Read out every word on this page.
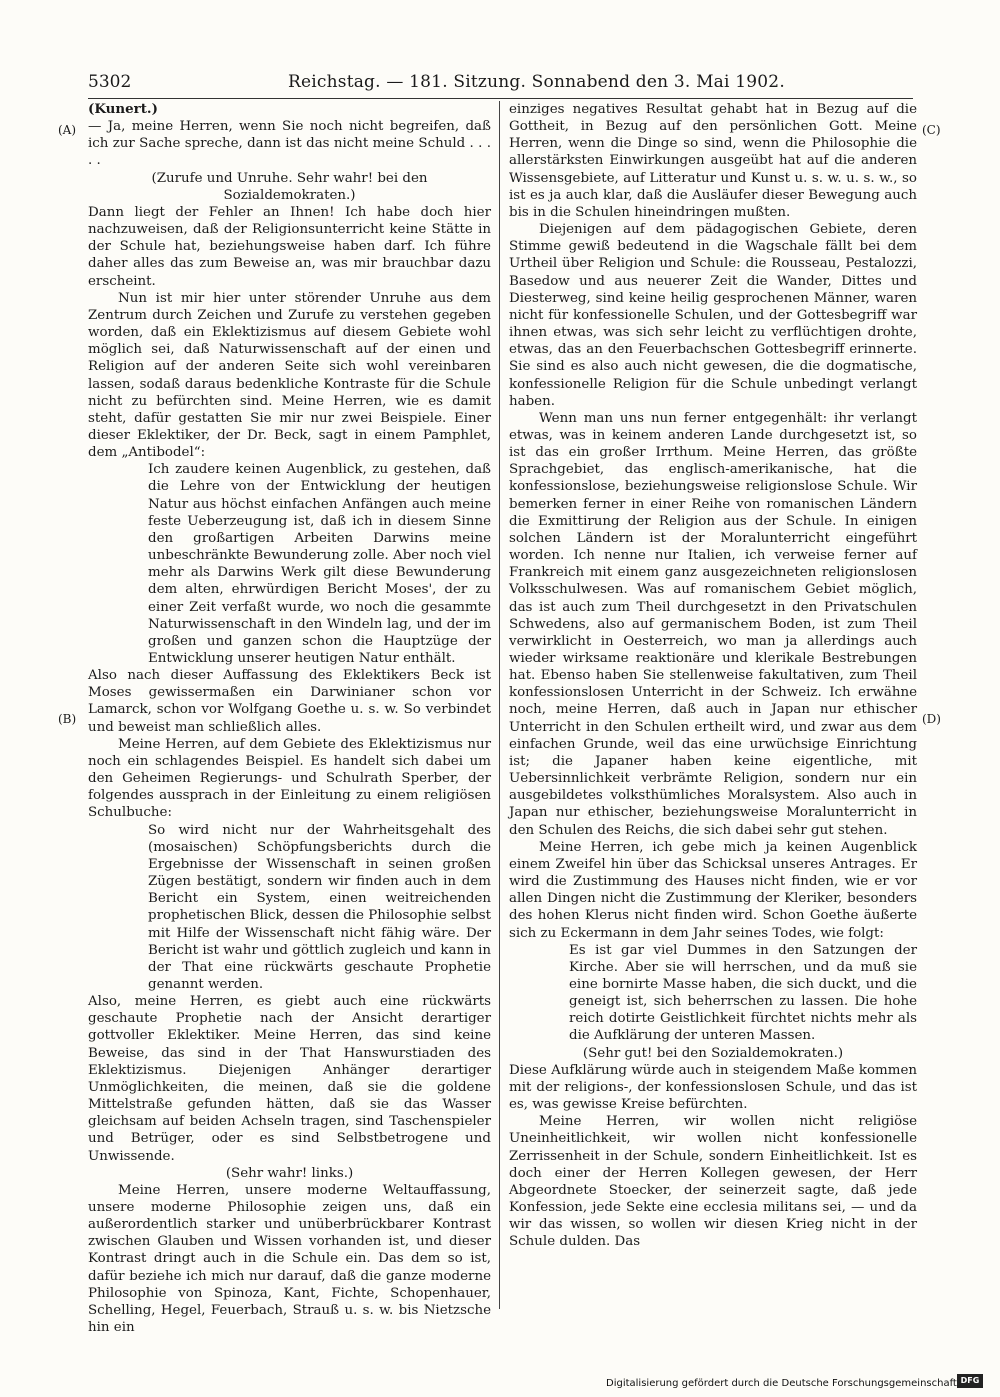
5302	Reichstag. — 181. Sitzung. Sonnabend den 3. Mai 1902.
(A)
(B)
(C)
(D)

(Kunert.)

— Ja, meine Herren, wenn Sie noch nicht begreifen, daß ich zur Sache spreche, dann ist das nicht meine Schuld . . . . .

(Zurufe und Unruhe. Sehr wahr! bei den Sozialdemokraten.)

Dann liegt der Fehler an Ihnen! Ich habe doch hier nachzuweisen, daß der Religionsunterricht keine Stätte in der Schule hat, beziehungsweise haben darf. Ich führe daher alles das zum Beweise an, was mir brauchbar dazu erscheint.

Nun ist mir hier unter störender Unruhe aus dem Zentrum durch Zeichen und Zurufe zu verstehen gegeben worden, daß ein Eklektizismus auf diesem Gebiete wohl möglich sei, daß Naturwissenschaft auf der einen und Religion auf der anderen Seite sich wohl vereinbaren lassen, sodaß daraus bedenkliche Kontraste für die Schule nicht zu befürchten sind. Meine Herren, wie es damit steht, dafür gestatten Sie mir nur zwei Beispiele. Einer dieser Eklektiker, der Dr. Beck, sagt in einem Pamphlet, dem „Antibodel“:

Ich zaudere keinen Augenblick, zu gestehen, daß die Lehre von der Entwicklung der heutigen Natur aus höchst einfachen Anfängen auch meine feste Ueberzeugung ist, daß ich in diesem Sinne den großartigen Arbeiten Darwins meine unbeschränkte Bewunderung zolle. Aber noch viel mehr als Darwins Werk gilt diese Bewunderung dem alten, ehrwürdigen Bericht Moses', der zu einer Zeit verfaßt wurde, wo noch die gesammte Naturwissenschaft in den Windeln lag, und der im großen und ganzen schon die Hauptzüge der Entwicklung unserer heutigen Natur enthält.

Also nach dieser Auffassung des Eklektikers Beck ist Moses gewissermaßen ein Darwinianer schon vor Lamarck, schon vor Wolfgang Goethe u. s. w. So verbindet und beweist man schließlich alles.

Meine Herren, auf dem Gebiete des Eklektizismus nur noch ein schlagendes Beispiel. Es handelt sich dabei um den Geheimen Regierungs- und Schulrath Sperber, der folgendes aussprach in der Einleitung zu einem religiösen Schulbuche:

So wird nicht nur der Wahrheitsgehalt des (mosaischen) Schöpfungsberichts durch die Ergebnisse der Wissenschaft in seinen großen Zügen bestätigt, sondern wir finden auch in dem Bericht ein System, einen weitreichenden prophetischen Blick, dessen die Philosophie selbst mit Hilfe der Wissenschaft nicht fähig wäre. Der Bericht ist wahr und göttlich zugleich und kann in der That eine rückwärts geschaute Prophetie genannt werden.

Also, meine Herren, es giebt auch eine rückwärts geschaute Prophetie nach der Ansicht derartiger gottvoller Eklektiker. Meine Herren, das sind keine Beweise, das sind in der That Hanswurstiaden des Eklektizismus. Diejenigen Anhänger derartiger Unmöglichkeiten, die meinen, daß sie die goldene Mittelstraße gefunden hätten, daß sie das Wasser gleichsam auf beiden Achseln tragen, sind Taschenspieler und Betrüger, oder es sind Selbstbetrogene und Unwissende.

(Sehr wahr! links.)

Meine Herren, unsere moderne Weltauffassung, unsere moderne Philosophie zeigen uns, daß ein außerordentlich starker und unüberbrückbarer Kontrast zwischen Glauben und Wissen vorhanden ist, und dieser Kontrast dringt auch in die Schule ein. Das dem so ist, dafür beziehe ich mich nur darauf, daß die ganze moderne Philosophie von Spinoza, Kant, Fichte, Schopenhauer, Schelling, Hegel, Feuerbach, Strauß u. s. w. bis Nietzsche hin ein

einziges negatives Resultat gehabt hat in Bezug auf die Gottheit, in Bezug auf den persönlichen Gott. Meine Herren, wenn die Dinge so sind, wenn die Philosophie die allerstärksten Einwirkungen ausgeübt hat auf die anderen Wissensgebiete, auf Litteratur und Kunst u. s. w. u. s. w., so ist es ja auch klar, daß die Ausläufer dieser Bewegung auch bis in die Schulen hineindringen mußten.

Diejenigen auf dem pädagogischen Gebiete, deren Stimme gewiß bedeutend in die Wagschale fällt bei dem Urtheil über Religion und Schule: die Rousseau, Pestalozzi, Basedow und aus neuerer Zeit die Wander, Dittes und Diesterweg, sind keine heilig gesprochenen Männer, waren nicht für konfessionelle Schulen, und der Gottesbegriff war ihnen etwas, was sich sehr leicht zu verflüchtigen drohte, etwas, das an den Feuerbachschen Gottesbegriff erinnerte. Sie sind es also auch nicht gewesen, die die dogmatische, konfessionelle Religion für die Schule unbedingt verlangt haben.

Wenn man uns nun ferner entgegenhält: ihr verlangt etwas, was in keinem anderen Lande durchgesetzt ist, so ist das ein großer Irrthum. Meine Herren, das größte Sprachgebiet, das englisch-amerikanische, hat die konfessionslose, beziehungsweise religionslose Schule. Wir bemerken ferner in einer Reihe von romanischen Ländern die Exmittirung der Religion aus der Schule. In einigen solchen Ländern ist der Moralunterricht eingeführt worden. Ich nenne nur Italien, ich verweise ferner auf Frankreich mit einem ganz ausgezeichneten religionslosen Volksschulwesen. Was auf romanischem Gebiet möglich, das ist auch zum Theil durchgesetzt in den Privatschulen Schwedens, also auf germanischem Boden, ist zum Theil verwirklicht in Oesterreich, wo man ja allerdings auch wieder wirksame reaktionäre und klerikale Bestrebungen hat. Ebenso haben Sie stellenweise fakultativen, zum Theil konfessionslosen Unterricht in der Schweiz. Ich erwähne noch, meine Herren, daß auch in Japan nur ethischer Unterricht in den Schulen ertheilt wird, und zwar aus dem einfachen Grunde, weil das eine urwüchsige Einrichtung ist; die Japaner haben keine eigentliche, mit Uebersinnlichkeit verbrämte Religion, sondern nur ein ausgebildetes volksthümliches Moralsystem. Also auch in Japan nur ethischer, beziehungsweise Moralunterricht in den Schulen des Reichs, die sich dabei sehr gut stehen.

Meine Herren, ich gebe mich ja keinen Augenblick einem Zweifel hin über das Schicksal unseres Antrages. Er wird die Zustimmung des Hauses nicht finden, wie er vor allen Dingen nicht die Zustimmung der Kleriker, besonders des hohen Klerus nicht finden wird. Schon Goethe äußerte sich zu Eckermann in dem Jahr seines Todes, wie folgt:

Es ist gar viel Dummes in den Satzungen der Kirche. Aber sie will herrschen, und da muß sie eine bornirte Masse haben, die sich duckt, und die geneigt ist, sich beherrschen zu lassen. Die hohe reich dotirte Geistlichkeit fürchtet nichts mehr als die Aufklärung der unteren Massen.

(Sehr gut! bei den Sozialdemokraten.)

Diese Aufklärung würde auch in steigendem Maße kommen mit der religions-, der konfessionslosen Schule, und das ist es, was gewisse Kreise befürchten.

Meine Herren, wir wollen nicht religiöse Uneinheitlichkeit, wir wollen nicht konfessionelle Zerrissenheit in der Schule, sondern Einheitlichkeit. Ist es doch einer der Herren Kollegen gewesen, der Herr Abgeordnete Stoecker, der seinerzeit sagte, daß jede Konfession, jede Sekte eine ecclesia militans sei, — und da wir das wissen, so wollen wir diesen Krieg nicht in der Schule dulden. Das

Digitalisierung gefördert durch die Deutsche Forschungsgemeinschaft DFG
